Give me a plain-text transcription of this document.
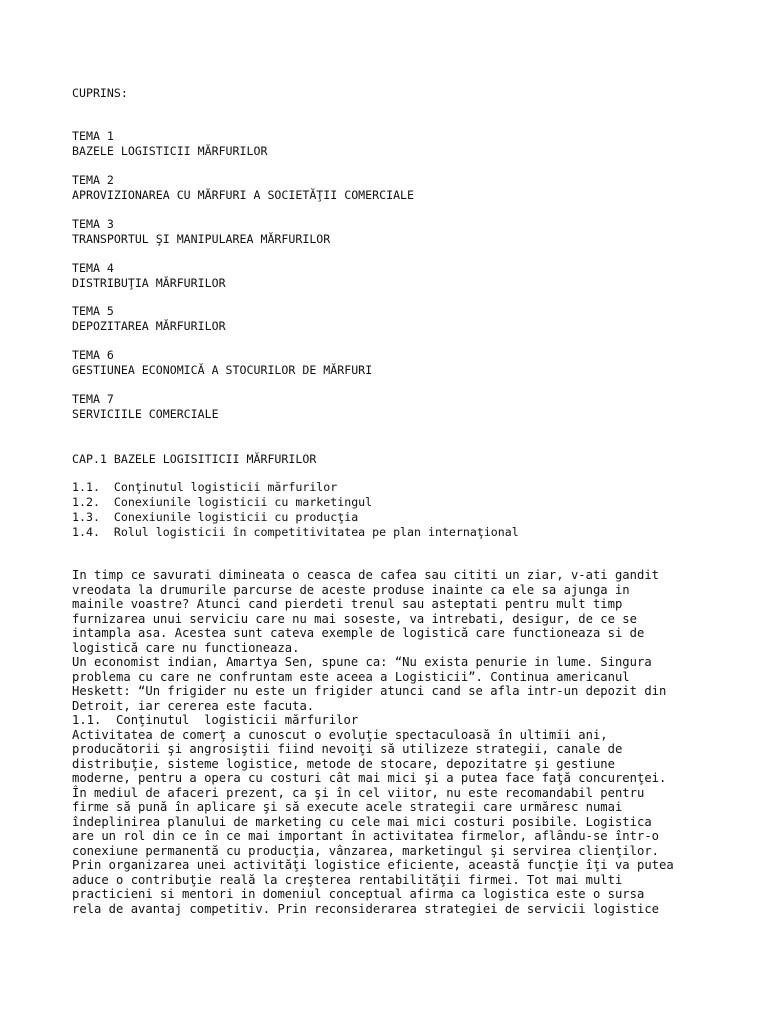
CUPRINS:
TEMA 1
BAZELE LOGISTICII MĂRFURILOR
TEMA 2
APROVIZIONAREA CU MĂRFURI A SOCIETĂŢII COMERCIALE
TEMA 3
TRANSPORTUL ŞI MANIPULAREA MĂRFURILOR
TEMA 4
DISTRIBUŢIA MĂRFURILOR
TEMA 5
DEPOZITAREA MĂRFURILOR
TEMA 6
GESTIUNEA ECONOMICĂ A STOCURILOR DE MĂRFURI
TEMA 7
SERVICIILE COMERCIALE
CAP.1 BAZELE LOGISITICII MĂRFURILOR
1.1.  Conţinutul logisticii mărfurilor
1.2.  Conexiunile logisticii cu marketingul
1.3.  Conexiunile logisticii cu producţia
1.4.  Rolul logisticii în competitivitatea pe plan internaţional
In timp ce savurati dimineata o ceasca de cafea sau cititi un ziar, v-ati gandit
vreodata la drumurile parcurse de aceste produse inainte ca ele sa ajunga in
mainile voastre? Atunci cand pierdeti trenul sau asteptati pentru mult timp
furnizarea unui serviciu care nu mai soseste, va intrebati, desigur, de ce se
intampla asa. Acestea sunt cateva exemple de logistică care functioneaza si de
logistică care nu functioneaza.
Un economist indian, Amartya Sen, spune ca: “Nu exista penurie in lume. Singura
problema cu care ne confruntam este aceea a Logisticii”. Continua americanul
Heskett: “Un frigider nu este un frigider atunci cand se afla intr-un depozit din
Detroit, iar cererea este facuta.
1.1.  Conţinutul  logisticii mărfurilor
Activitatea de comerţ a cunoscut o evoluţie spectaculoasă în ultimii ani,
producătorii şi angrosiştii fiind nevoiţi să utilizeze strategii, canale de
distribuţie, sisteme logistice, metode de stocare, depozitatre şi gestiune
moderne, pentru a opera cu costuri cât mai mici şi a putea face faţă concurenţei.
În mediul de afaceri prezent, ca şi în cel viitor, nu este recomandabil pentru
firme să pună în aplicare şi să execute acele strategii care urmăresc numai
îndeplinirea planului de marketing cu cele mai mici costuri posibile. Logistica
are un rol din ce în ce mai important în activitatea firmelor, aflându-se într-o
conexiune permanentă cu producţia, vânzarea, marketingul şi servirea clienţilor.
Prin organizarea unei activităţi logistice eficiente, această funcţie îţi va putea
aduce o contribuţie reală la creşterea rentabilităţii firmei. Tot mai multi
practicieni si mentori in domeniul conceptual afirma ca logistica este o sursa
rela de avantaj competitiv. Prin reconsiderarea strategiei de servicii logistice
